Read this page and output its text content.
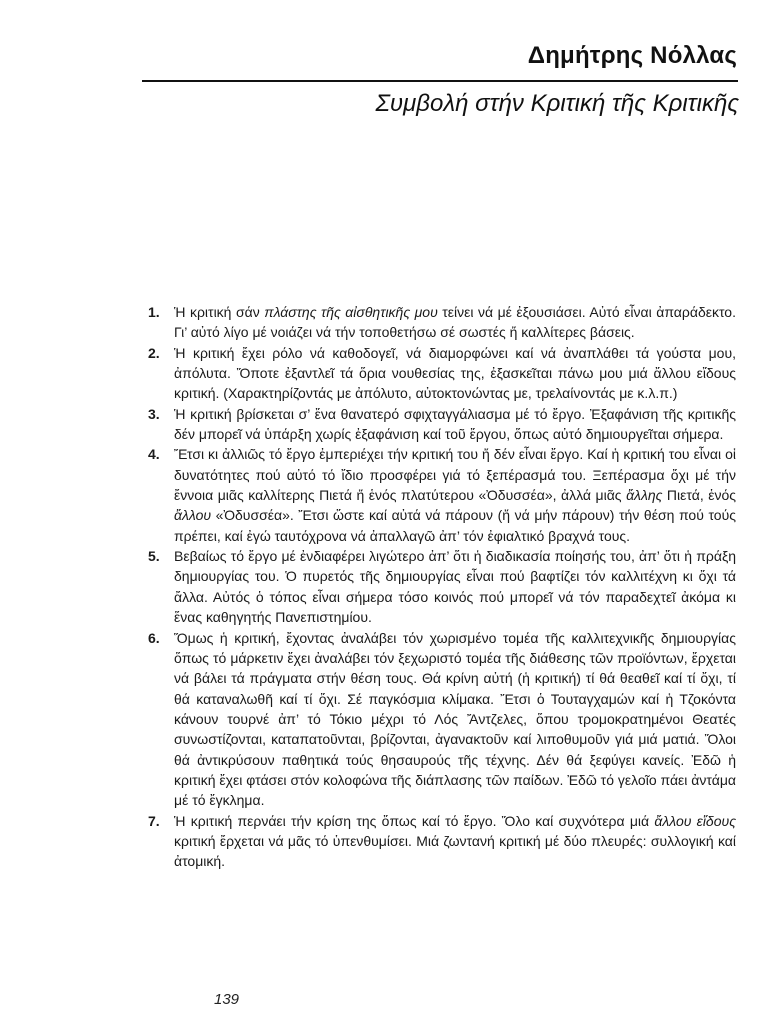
Δημήτρης Νόλλας
Συμβολή στήν Κριτική τῆς Κριτικῆς
1. Ἡ κριτική σάν πλάστης τῆς αἰσθητικῆς μου τείνει νά μέ ἐξουσιάσει. Αὐτό εἶναι ἀπαράδεκτο. Γι’ αὐτό λίγο μέ νοιάζει νά τήν τοποθετήσω σέ σωστές ἤ καλλίτερες βάσεις.
2. Ἡ κριτική ἔχει ρόλο νά καθοδογεῖ, νά διαμορφώνει καί νά ἀναπλάθει τά γούστα μου, ἀπόλυτα. Ὅποτε ἐξαντλεῖ τά ὅρια νουθεσίας της, ἐξασκεῖται πάνω μου μιά ἄλλου εἴδους κριτική. (Χαρακτηρίζοντάς με ἀπόλυτο, αὐτοκτονώντας με, τρελαίνοντάς με κ.λ.π.)
3. Ἡ κριτική βρίσκεται σ’ ἕνα θανατερό σφιχταγγάλιασμα μέ τό ἔργο. Ἐξαφάνιση τῆς κριτικῆς δέν μπορεῖ νά ὑπάρξη χωρίς ἐξαφάνιση καί τοῦ ἔργου, ὅπως αὐτό δημιουργεῖται σήμερα.
4. Ἔτσι κι ἀλλιῶς τό ἔργο ἐμπεριέχει τήν κριτική του ἤ δέν εἶναι ἔργο. Καί ἡ κριτική του εἶναι οἱ δυνατότητες πού αὐτό τό ἴδιο προσφέρει γιά τό ξεπέρασμά του. Ξεπέρασμα ὄχι μέ τήν ἔννοια μιᾶς καλλίτερης Πιετά ἤ ἑνός πλατύτερου «Ὀδυσσέα», ἀλλά μιᾶς ἄλλης Πιετά, ἑνός ἄλλου «Ὀδυσσέα». Ἔτσι ὥστε καί αὐτά νά πάρουν (ἤ νά μήν πάρουν) τήν θέση πού τούς πρέπει, καί ἐγώ ταυτόχρονα νά ἀπαλλαγῶ ἀπ’ τόν ἐφιαλτικό βραχνά τους.
5. Βεβαίως τό ἔργο μέ ἐνδιαφέρει λιγώτερο ἀπ’ ὅτι ἡ διαδικασία ποίησής του, ἀπ’ ὅτι ἡ πράξη δημιουργίας του. Ὁ πυρετός τῆς δημιουργίας εἶναι πού βαφτίζει τόν καλλιτέχνη κι ὄχι τά ἄλλα. Αὐτός ὁ τόπος εἶναι σήμερα τόσο κοινός πού μπορεῖ νά τόν παραδεχτεῖ ἀκόμα κι ἕνας καθηγητής Πανεπιστημίου.
6. Ὅμως ἡ κριτική, ἔχοντας ἀναλάβει τόν χωρισμένο τομέα τῆς καλλιτεχνικῆς δημιουργίας ὅπως τό μάρκετιν ἔχει ἀναλάβει τόν ξεχωριστό τομέα τῆς διάθεσης τῶν προϊόντων, ἔρχεται νά βάλει τά πράγματα στήν θέση τους. Θά κρίνη αὐτή (ἡ κριτική) τί θά θεαθεῖ καί τί ὄχι, τί θά καταναλωθῆ καί τί ὄχι. Σέ παγκόσμια κλίμακα. Ἔτσι ὁ Τουταγχαμών καί ἡ Τζοκόντα κάνουν τουρνέ ἀπ’ τό Τόκιο μέχρι τό Λός Ἄντζελες, ὅπου τρομοκρατημένοι Θεατές συνωστίζονται, καταπατοῦνται, βρίζονται, ἀγανακτοῦν καί λιποθυμοῦν γιά μιά ματιά. Ὅλοι θά ἀντικρύσουν παθητικά τούς θησαυρούς τῆς τέχνης. Δέν θά ξεφύγει κανείς. Ἐδῶ ἡ κριτική ἔχει φτάσει στόν κολοφώνα τῆς διάπλασης τῶν παίδων. Ἐδῶ τό γελοῖο πάει ἀντάμα μέ τό ἔγκλημα.
7. Ἡ κριτική περνάει τήν κρίση της ὅπως καί τό ἔργο. Ὅλο καί συχνότερα μιά ἄλλου εἴδους κριτική ἔρχεται νά μᾶς τό ὑπενθυμίσει. Μιά ζωντανή κριτική μέ δύο πλευρές: συλλογική καί ἀτομική.
139
